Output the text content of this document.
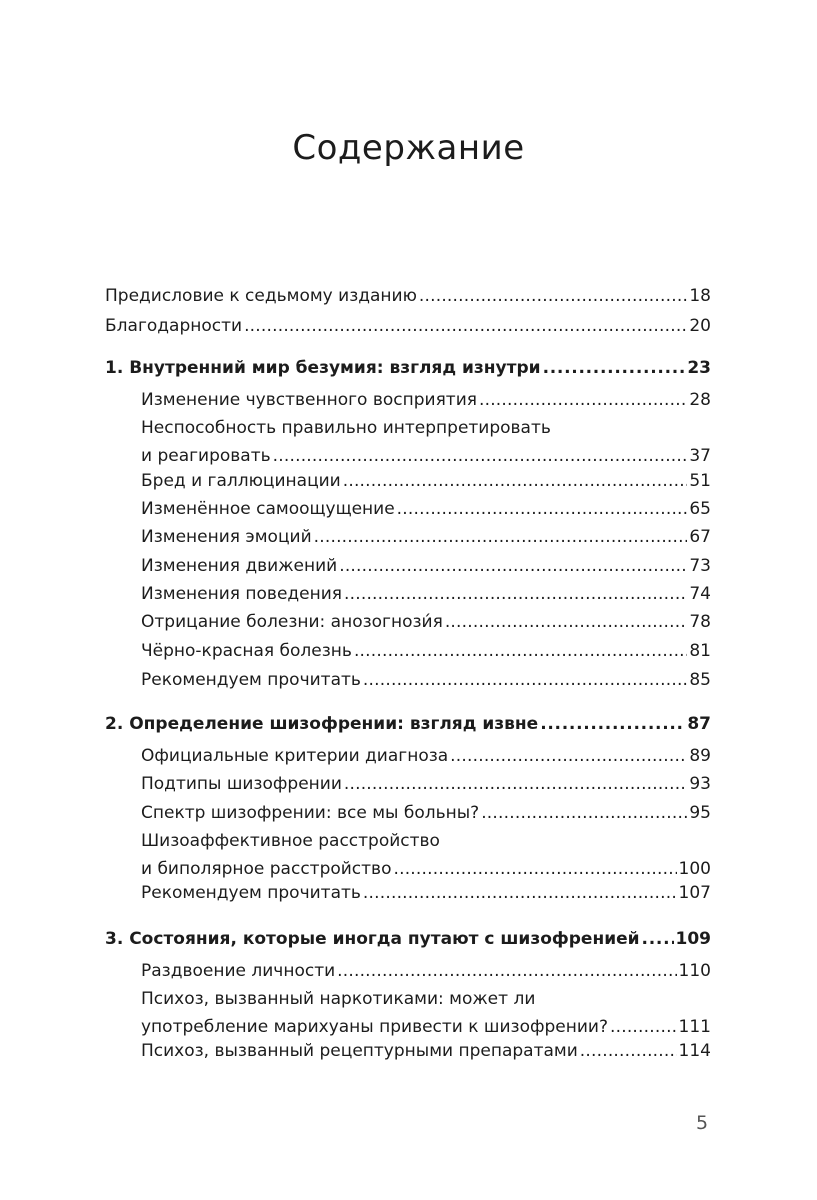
Содержание
Предисловие к седьмому изданию . . .	18
Благодарности . . .	20
1. Внутренний мир безумия: взгляд изнутри . . .	23
Изменение чувственного восприятия . . .	28
Неспособность правильно интерпретировать
и реагировать . . .	37
Бред и галлюцинации . . .	51
Изменённое самоощущение . . .	65
Изменения эмоций . . .	67
Изменения движений . . .	73
Изменения поведения . . .	74
Отрицание болезни: анозогнози́я . . .	78
Чёрно-красная болезнь . . .	81
Рекомендуем прочитать . . .	85
2. Определение шизофрении: взгляд извне . . .	87
Официальные критерии диагноза . . .	89
Подтипы шизофрении . . .	93
Спектр шизофрении: все мы больны? . . .	95
Шизоаффективное расстройство
и биполярное расстройство . . .	100
Рекомендуем прочитать . . .	107
3. Состояния, которые иногда путают с шизофренией . . . 109
Раздвоение личности . . .	110
Психоз, вызванный наркотиками: может ли
употребление марихуаны привести к шизофрении? . . .	111
Психоз, вызванный рецептурными препаратами . . .	114
5
